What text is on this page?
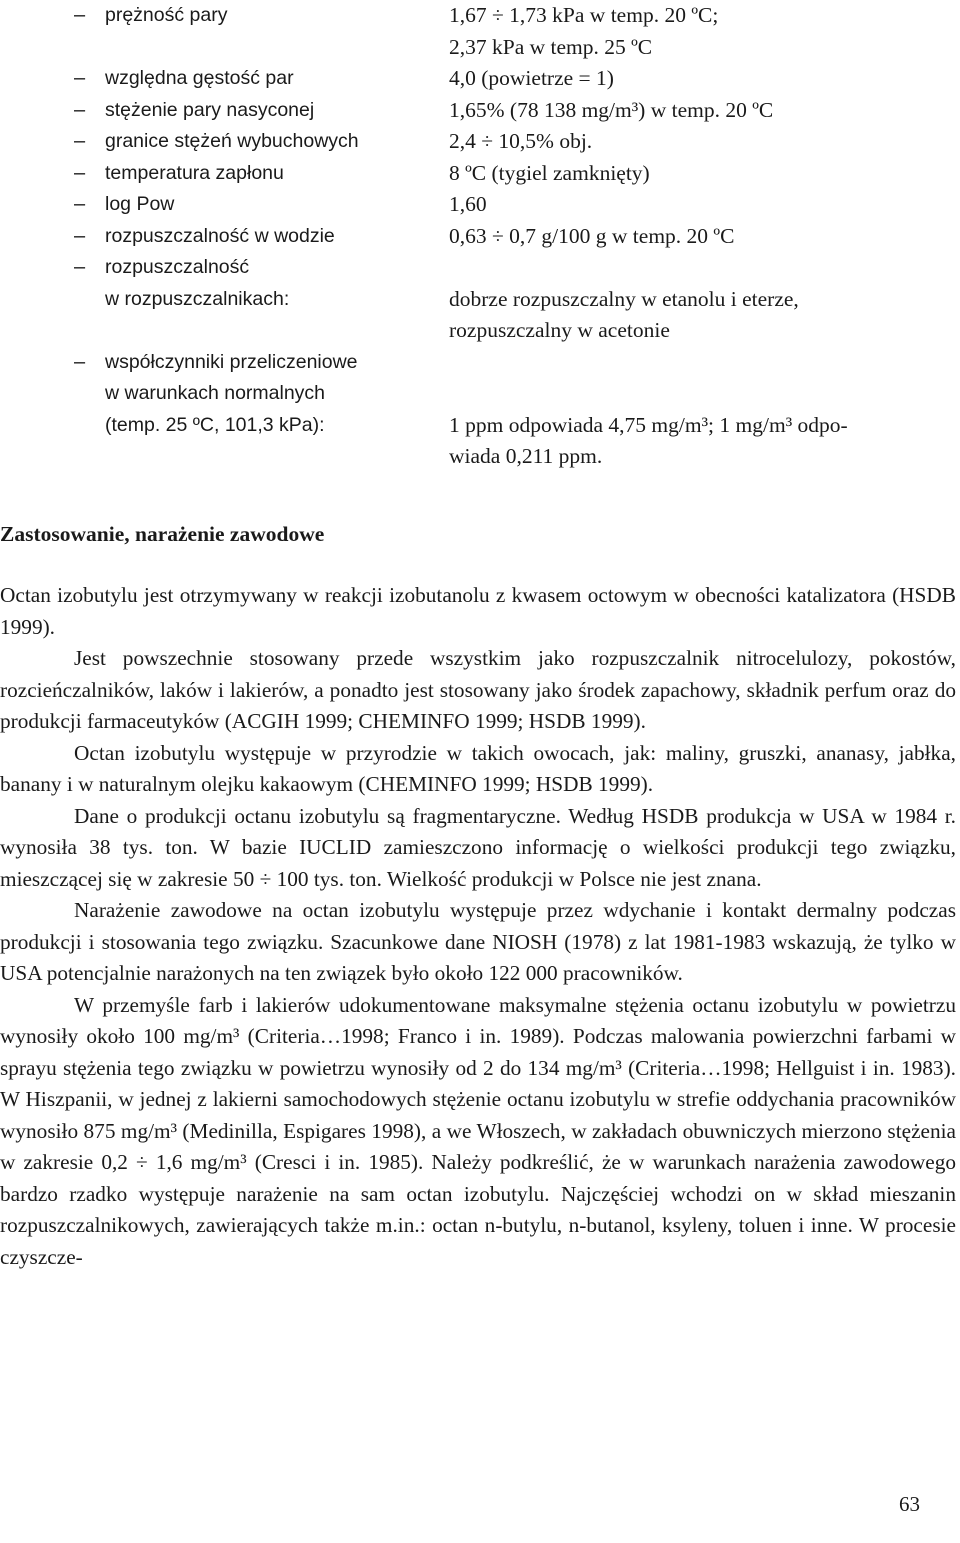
– prężność pary	1,67 ÷ 1,73 kPa w temp. 20 ºC;
2,37 kPa w temp. 25 ºC
– względna gęstość par	4,0 (powietrze = 1)
– stężenie pary nasyconej	1,65% (78 138 mg/m³) w temp. 20 ºC
– granice stężeń wybuchowych	2,4 ÷ 10,5% obj.
– temperatura zapłonu	8 ºC (tygiel zamknięty)
– log Pow	1,60
– rozpuszczalność w wodzie	0,63 ÷ 0,7 g/100 g w temp. 20 ºC
– rozpuszczalność
w rozpuszczalnikach:	dobrze rozpuszczalny w etanolu i eterze,
rozpuszczalny w acetonie
– współczynniki przeliczeniowe
w warunkach normalnych
(temp. 25 ºC, 101,3 kPa):	1 ppm odpowiada 4,75 mg/m³; 1 mg/m³ odpo-
wiada 0,211 ppm.
Zastosowanie, narażenie zawodowe

Octan izobutylu jest otrzymywany w reakcji izobutanolu z kwasem octowym w obecności katalizatora (HSDB 1999).

Jest powszechnie stosowany przede wszystkim jako rozpuszczalnik nitrocelulozy, pokostów, rozcieńczalników, laków i lakierów, a ponadto jest stosowany jako środek zapachowy, składnik perfum oraz do produkcji farmaceutyków (ACGIH 1999; CHEMINFO 1999; HSDB 1999).

Octan izobutylu występuje w przyrodzie w takich owocach, jak: maliny, gruszki, ananasy, jabłka, banany i w naturalnym olejku kakaowym (CHEMINFO 1999; HSDB 1999).

Dane o produkcji octanu izobutylu są fragmentaryczne. Według HSDB produkcja w USA w 1984 r. wynosiła 38 tys. ton. W bazie IUCLID zamieszczono informację o wielkości produkcji tego związku, mieszczącej się w zakresie 50 ÷ 100 tys. ton. Wielkość produkcji w Polsce nie jest znana.

Narażenie zawodowe na octan izobutylu występuje przez wdychanie i kontakt dermalny podczas produkcji i stosowania tego związku. Szacunkowe dane NIOSH (1978) z lat 1981-1983 wskazują, że tylko w USA potencjalnie narażonych na ten związek było około 122 000 pracowników.

W przemyśle farb i lakierów udokumentowane maksymalne stężenia octanu izobutylu w powietrzu wynosiły około 100 mg/m³ (Criteria…1998; Franco i in. 1989). Podczas malowania powierzchni farbami w sprayu stężenia tego związku w powietrzu wynosiły od 2 do 134 mg/m³ (Criteria…1998; Hellguist i in. 1983). W Hiszpanii, w jednej z lakierni samochodowych stężenie octanu izobutylu w strefie oddychania pracowników wynosiło 875 mg/m³ (Medinilla, Espigares 1998), a we Włoszech, w zakładach obuwniczych mierzono stężenia w zakresie 0,2 ÷ 1,6 mg/m³ (Cresci i in. 1985). Należy podkreślić, że w warunkach narażenia zawodowego bardzo rzadko występuje narażenie na sam octan izobutylu. Najczęściej wchodzi on w skład mieszanin rozpuszczalnikowych, zawierających także m.in.: octan n-butylu, n-butanol, ksyleny, toluen i inne. W procesie czyszcze-

63
